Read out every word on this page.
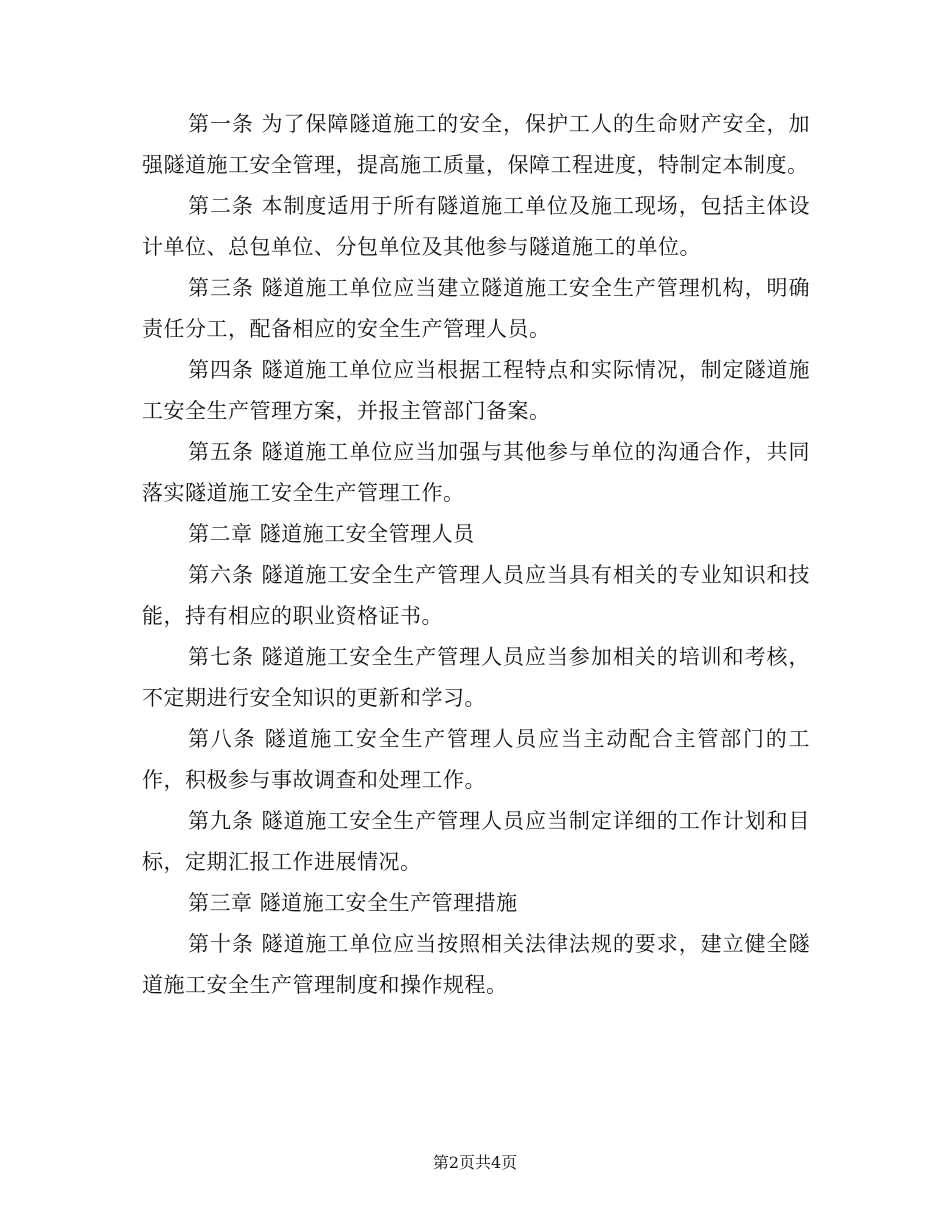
第一条 为了保障隧道施工的安全，保护工人的生命财产安全，加强隧道施工安全管理，提高施工质量，保障工程进度，特制定本制度。

第二条 本制度适用于所有隧道施工单位及施工现场，包括主体设计单位、总包单位、分包单位及其他参与隧道施工的单位。

第三条 隧道施工单位应当建立隧道施工安全生产管理机构，明确责任分工，配备相应的安全生产管理人员。

第四条 隧道施工单位应当根据工程特点和实际情况，制定隧道施工安全生产管理方案，并报主管部门备案。

第五条 隧道施工单位应当加强与其他参与单位的沟通合作，共同落实隧道施工安全生产管理工作。

第二章 隧道施工安全管理人员

第六条 隧道施工安全生产管理人员应当具有相关的专业知识和技能，持有相应的职业资格证书。

第七条 隧道施工安全生产管理人员应当参加相关的培训和考核，不定期进行安全知识的更新和学习。

第八条 隧道施工安全生产管理人员应当主动配合主管部门的工作，积极参与事故调查和处理工作。

第九条 隧道施工安全生产管理人员应当制定详细的工作计划和目标，定期汇报工作进展情况。

第三章 隧道施工安全生产管理措施

第十条 隧道施工单位应当按照相关法律法规的要求，建立健全隧道施工安全生产管理制度和操作规程。

第2页共4页
